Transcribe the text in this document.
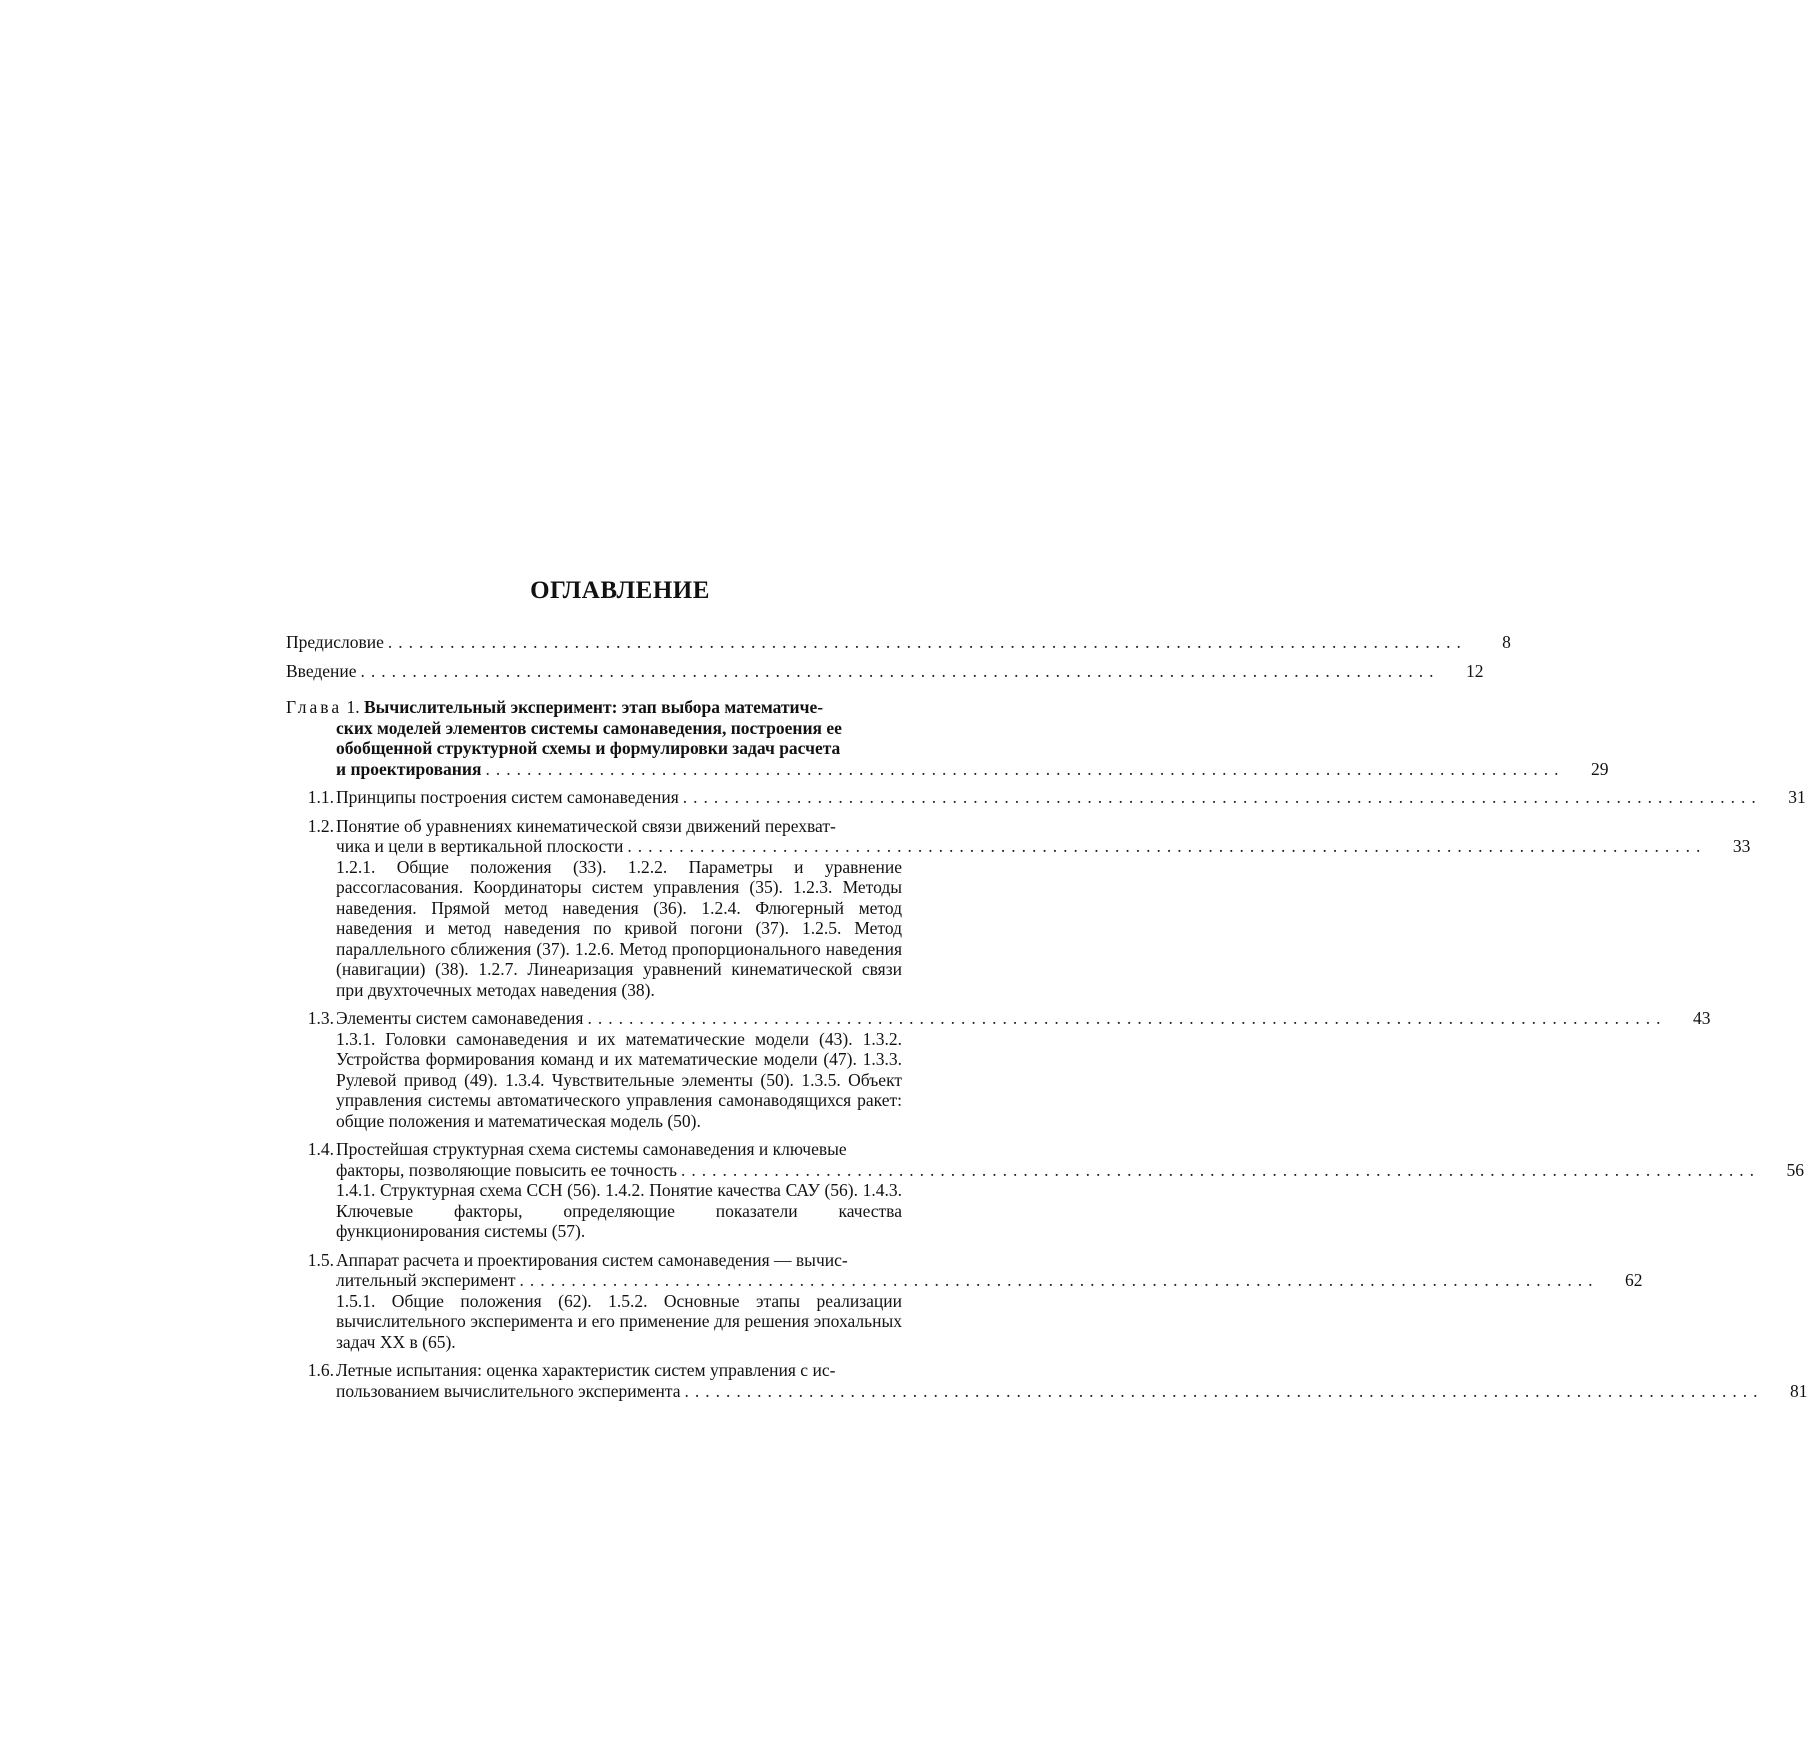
ОГЛАВЛЕНИЕ
Предисловие ........................................................................................................	8
Введение ........................................................................................................	12
Глава 1. Вычислительный эксперимент: этап выбора математиче-
ских моделей элементов системы самонаведения, построения ее
обобщенной структурной схемы и формулировки задач расчета
и проектирования ........................................................................................................	29
1.1. Принципы построения систем самонаведения ........................................................................................................	31
1.2. Понятие об уравнениях кинематической связи движений перехват-
чика и цели в вертикальной плоскости ........................................................................................................	33
1.2.1. Общие положения (33). 1.2.2. Параметры и уравнение рассогласования. Координаторы систем управления (35). 1.2.3. Методы наведения. Прямой метод наведения (36). 1.2.4. Флюгерный метод наведения и метод наведения по кривой погони (37). 1.2.5. Метод параллельного сближения (37). 1.2.6. Метод пропорционального наведения (навигации) (38). 1.2.7. Линеаризация уравнений кинематической связи при двухточечных методах наведения (38).
1.3. Элементы систем самонаведения ........................................................................................................	43
1.3.1. Головки самонаведения и их математические модели (43). 1.3.2. Устройства формирования команд и их математические модели (47). 1.3.3. Рулевой привод (49). 1.3.4. Чувствительные элементы (50). 1.3.5. Объект управления системы автоматического управления самонаводящихся ракет: общие положения и математическая модель (50).
1.4. Простейшая структурная схема системы самонаведения и ключевые
факторы, позволяющие повысить ее точность ........................................................................................................	56
1.4.1. Структурная схема ССН (56). 1.4.2. Понятие качества САУ (56). 1.4.3. Ключевые факторы, определяющие показатели качества функционирования системы (57).
1.5. Аппарат расчета и проектирования систем самонаведения — вычис-
лительный эксперимент ........................................................................................................	62
1.5.1. Общие положения (62). 1.5.2. Основные этапы реализации вычислительного эксперимента и его применение для решения эпохальных задач XX в (65).
1.6. Летные испытания: оценка характеристик систем управления с ис-
пользованием вычислительного эксперимента ........................................................................................................	81
